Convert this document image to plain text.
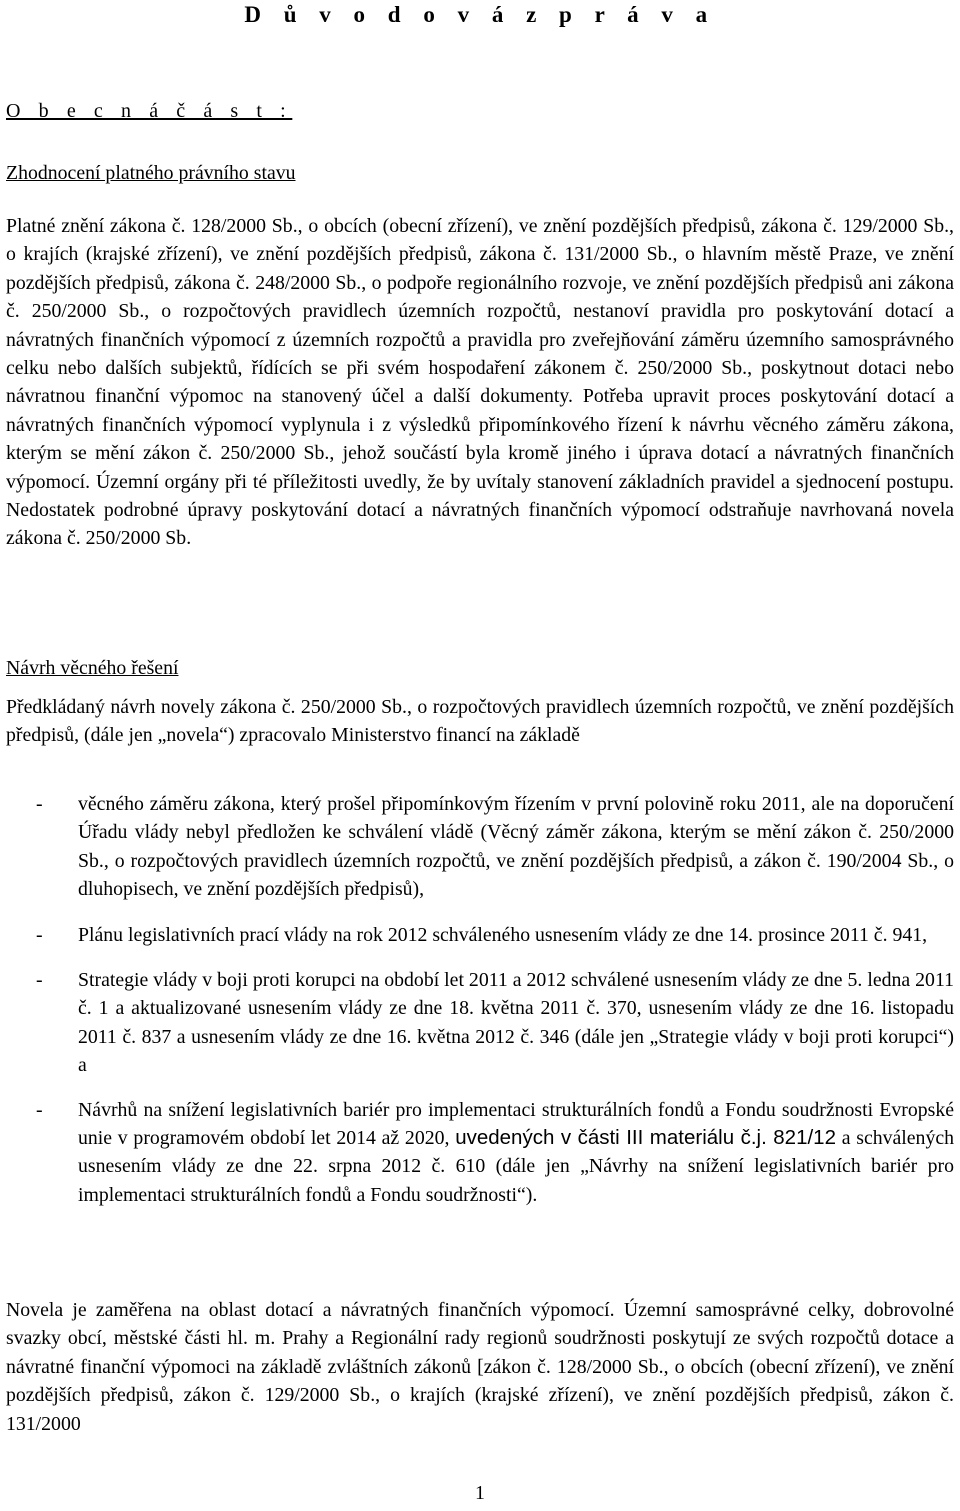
D ů v o d o v á z p r á v a
O b e c n á č á s t :
Zhodnocení platného právního stavu

Platné znění zákona č. 128/2000 Sb., o obcích (obecní zřízení), ve znění pozdějších předpisů, zákona č. 129/2000 Sb., o krajích (krajské zřízení), ve znění pozdějších předpisů, zákona č. 131/2000 Sb., o hlavním městě Praze, ve znění pozdějších předpisů, zákona č. 248/2000 Sb., o podpoře regionálního rozvoje, ve znění pozdějších předpisů ani zákona č. 250/2000 Sb., o rozpočtových pravidlech územních rozpočtů, nestanoví pravidla pro poskytování dotací a návratných finančních výpomocí z územních rozpočtů a pravidla pro zveřejňování záměru územního samosprávného celku nebo dalších subjektů, řídících se při svém hospodaření zákonem č. 250/2000 Sb., poskytnout dotaci nebo návratnou finanční výpomoc na stanovený účel a další dokumenty. Potřeba upravit proces poskytování dotací a návratných finančních výpomocí vyplynula i z výsledků připomínkového řízení k návrhu věcného záměru zákona, kterým se mění zákon č. 250/2000 Sb., jehož součástí byla kromě jiného i úprava dotací a návratných finančních výpomocí. Územní orgány při té příležitosti uvedly, že by uvítaly stanovení základních pravidel a sjednocení postupu. Nedostatek podrobné úpravy poskytování dotací a návratných finančních výpomocí odstraňuje navrhovaná novela zákona č. 250/2000 Sb.

Návrh věcného řešení

Předkládaný návrh novely zákona č. 250/2000 Sb., o rozpočtových pravidlech územních rozpočtů, ve znění pozdějších předpisů, (dále jen „novela“) zpracovalo Ministerstvo financí na základě

- věcného záměru zákona, který prošel připomínkovým řízením v první polovině roku 2011, ale na doporučení Úřadu vlády nebyl předložen ke schválení vládě (Věcný záměr zákona, kterým se mění zákon č. 250/2000 Sb., o rozpočtových pravidlech územních rozpočtů, ve znění pozdějších předpisů, a zákon č. 190/2004 Sb., o dluhopisech, ve znění pozdějších předpisů),
- Plánu legislativních prací vlády na rok 2012 schváleného usnesením vlády ze dne 14. prosince 2011 č. 941,
- Strategie vlády v boji proti korupci na období let 2011 a 2012 schválené usnesením vlády ze dne 5. ledna 2011 č. 1 a aktualizované usnesením vlády ze dne 18. května 2011 č. 370, usnesením vlády ze dne 16. listopadu 2011 č. 837 a usnesením vlády ze dne 16. května 2012 č. 346 (dále jen „Strategie vlády v boji proti korupci“) a
- Návrhů na snížení legislativních bariér pro implementaci strukturálních fondů a Fondu soudržnosti Evropské unie v programovém období let 2014 až 2020, uvedených v části III materiálu č.j. 821/12 a schválených usnesením vlády ze dne 22. srpna 2012 č. 610 (dále jen „Návrhy na snížení legislativních bariér pro implementaci strukturálních fondů a Fondu soudržnosti“).

Novela je zaměřena na oblast dotací a návratných finančních výpomocí. Územní samosprávné celky, dobrovolné svazky obcí, městské části hl. m. Prahy a Regionální rady regionů soudržnosti poskytují ze svých rozpočtů dotace a návratné finanční výpomoci na základě zvláštních zákonů [zákon č. 128/2000 Sb., o obcích (obecní zřízení), ve znění pozdějších předpisů, zákon č. 129/2000 Sb., o krajích (krajské zřízení), ve znění pozdějších předpisů, zákon č. 131/2000

1
